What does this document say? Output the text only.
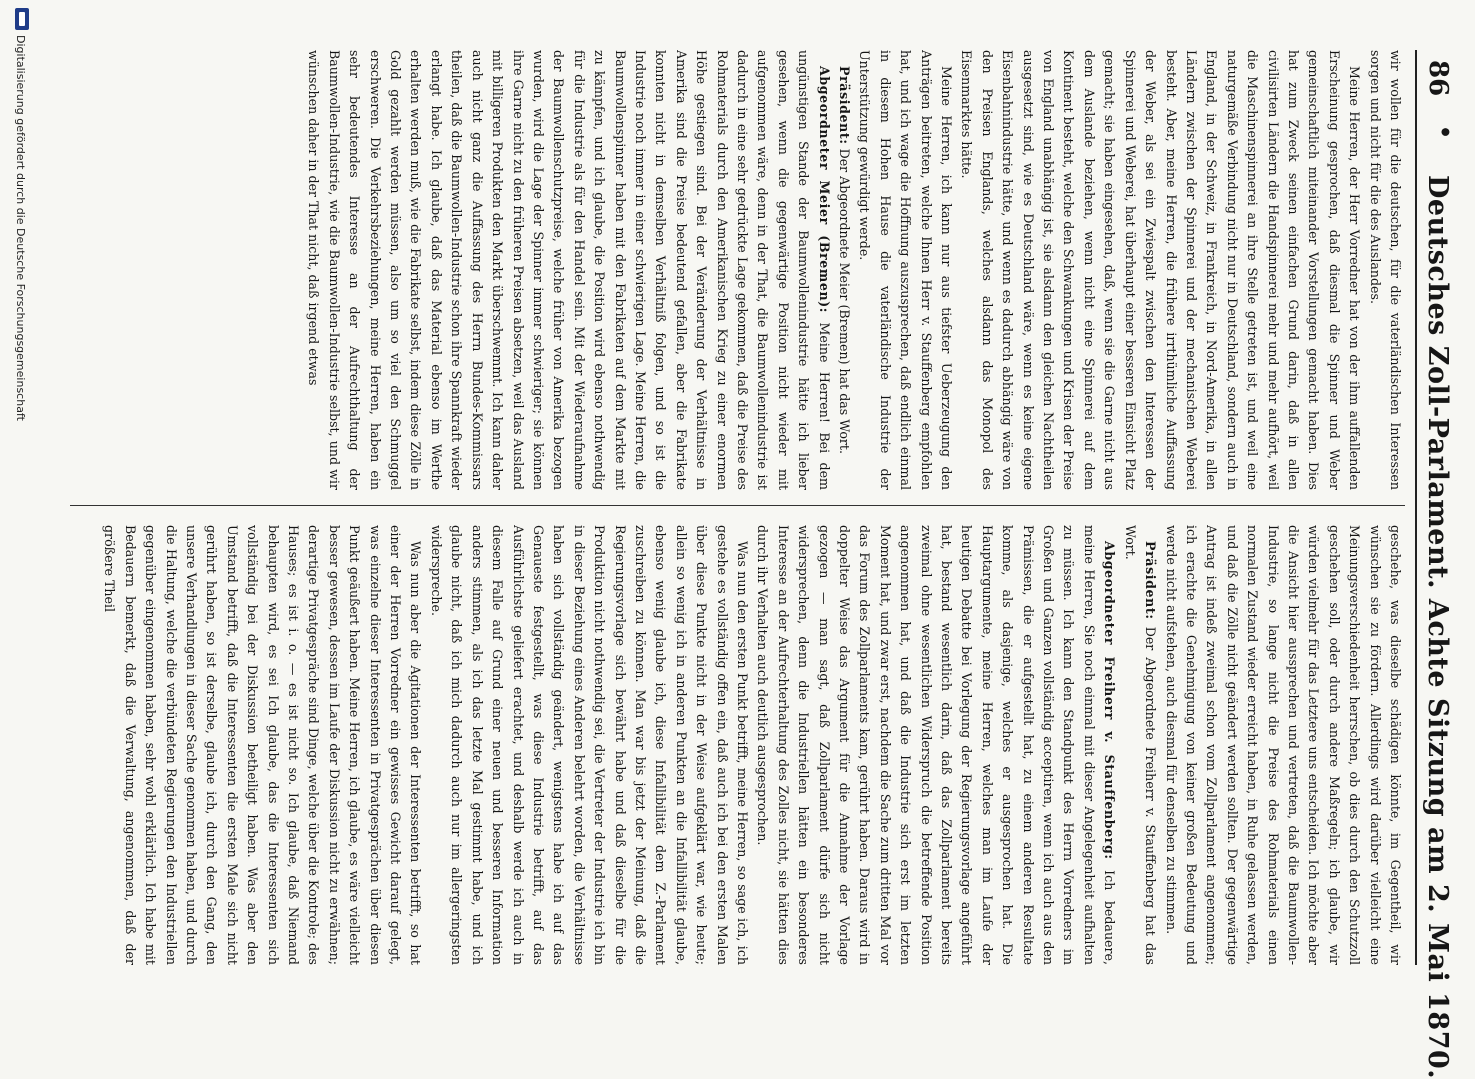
86
•
Deutsches Zoll-Parlament. Achte Sitzung am 2. Mai 1870.

wir wollen für die deutschen, für die vaterländischen Interessen sorgen und nicht für die des Auslandes.

Meine Herren, der Herr Vorredner hat von der ihm auffallenden Erscheinung gesprochen, daß diesmal die Spinner und Weber gemeinschaftlich miteinander Vorstellungen gemacht haben. Dies hat zum Zweck seinen einfachen Grund darin, daß in allen civilisirten Ländern die Handspinnerei mehr und mehr aufhört, weil die Maschinenspinnerei an ihre Stelle getreten ist, und weil eine naturgemäße Verbindung nicht nur in Deutschland, sondern auch in England, in der Schweiz, in Frankreich, in Nord-Amerika, in allen Ländern zwischen der Spinnerei und der mechanischen Weberei besteht. Aber, meine Herren, die frühere irrthümliche Auffassung der Weber, als sei ein Zwiespalt zwischen den Interessen der Spinnerei und Weberei, hat überhaupt einer besseren Einsicht Platz gemacht; sie haben eingesehen, daß, wenn sie die Garne nicht aus dem Auslande beziehen, wenn nicht eine Spinnerei auf dem Kontinent besteht, welche den Schwankungen und Krisen der Preise von England unabhängig ist, sie alsdann den gleichen Nachtheilen ausgesetzt sind, wie es Deutschland wäre, wenn es keine eigene Eisenbahnindustrie hätte, und wenn es dadurch abhängig wäre von den Preisen Englands, welches alsdann das Monopol des Eisenmarktes hätte.

Meine Herren, ich kann nur aus tiefster Ueberzeugung den Anträgen beitreten, welche Ihnen Herr v. Stauffenberg empfohlen hat, und ich wage die Hoffnung auszusprechen, daß endlich einmal in diesem Hohen Hause die vaterländische Industrie der Unterstützung gewürdigt werde.

Präsident: Der Abgeordnete Meier (Bremen) hat das Wort.

Abgeordneter Meier (Bremen): Meine Herren! Bei dem ungünstigen Stande der Baumwollenindustrie hätte ich lieber gesehen, wenn die gegenwärtige Position nicht wieder mit aufgenommen wäre, denn in der That, die Baumwollenindustrie ist dadurch in eine sehr gedrückte Lage gekommen, daß die Preise des Rohmaterials durch den Amerikanischen Krieg zu einer enormen Höhe gestiegen sind. Bei der Veränderung der Verhältnisse in Amerika sind die Preise bedeutend gefallen, aber die Fabrikate konnten nicht in demselben Verhältniß folgen, und so ist die Industrie noch immer in einer schwierigen Lage. Meine Herren, die Baumwollenspinner haben mit den Fabrikaten auf dem Markte mit zu kämpfen, und ich glaube, die Position wird ebenso nothwendig für die Industrie als für den Handel sein. Mit der Wiederaufnahme der Baumwollenschutzpreise, welche früher von Amerika bezogen wurden, wird die Lage der Spinner immer schwieriger; sie können ihre Garne nicht zu den früheren Preisen absetzen, weil das Ausland mit billigeren Produkten den Markt überschwemmt. Ich kann daher auch nicht ganz die Auffassung des Herrn Bundes-Kommissars theilen, daß die Baumwollen-Industrie schon ihre Spannkraft wieder erlangt habe. Ich glaube, daß das Material ebenso im Werthe erhalten werden muß, wie die Fabrikate selbst, indem diese Zölle in Gold gezahlt werden müssen, also um so viel den Schmuggel erschweren. Die Verkehrsbeziehungen, meine Herren, haben ein sehr bedeutendes Interesse an der Aufrechthaltung der Baumwollen-Industrie, wie die Baumwollen-Industrie selbst, und wir wünschen daher in der That nicht, daß irgend etwas

geschehe, was dieselbe schädigen könnte, im Gegentheil, wir wünschen sie zu fördern. Allerdings wird darüber vielleicht eine Meinungsverschiedenheit herrschen, ob dies durch den Schutzzoll geschehen soll, oder durch andere Maßregeln; ich glaube, wir würden vielmehr für das Letztere uns entscheiden. Ich möchte aber die Ansicht hier aussprechen und vertreten, daß die Baumwollen-Industrie, so lange nicht die Preise des Rohmaterials einen normalen Zustand wieder erreicht haben, in Ruhe gelassen werden, und daß die Zölle nicht geändert werden sollten. Der gegenwärtige Antrag ist indeß zweimal schon vom Zollparlament angenommen; ich erachte die Genehmigung von keiner großen Bedeutung und werde nicht aufstehen, auch diesmal für denselben zu stimmen.

Präsident: Der Abgeordnete Freiherr v. Stauffenberg hat das Wort.

Abgeordneter Freiherr v. Stauffenberg: Ich bedauere, meine Herren, Sie noch einmal mit dieser Angelegenheit aufhalten zu müssen. Ich kann den Standpunkt des Herrn Vorredners im Großen und Ganzen vollständig acceptiren, wenn ich auch aus den Prämissen, die er aufgestellt hat, zu einem anderen Resultate komme, als dasjenige, welches er ausgesprochen hat. Die Hauptargumente, meine Herren, welches man im Laufe der heutigen Debatte bei Vorlegung der Regierungsvorlage angeführt hat, bestand wesentlich darin, daß das Zollparlament bereits zweimal ohne wesentlichen Widerspruch die betreffende Position angenommen hat, und daß die Industrie sich erst im letzten Moment hat, und zwar erst, nachdem die Sache zum dritten Mal vor das Forum des Zollparlaments kam, gerührt haben. Daraus wird in doppelter Weise das Argument für die Annahme der Vorlage gezogen — man sagt, daß Zollparlament dürfe sich nicht widersprechen, denn die Industriellen hätten ein besonderes Interesse an der Aufrechterhaltung des Zolles nicht, sie hätten dies durch ihr Verhalten auch deutlich ausgesprochen.

Was nun den ersten Punkt betrifft, meine Herren, so sage ich, ich gestehe es vollständig offen ein, daß auch ich bei den ersten Malen über diese Punkte nicht in der Weise aufgeklärt war, wie heute; allein so wenig ich in anderen Punkten an die Infallibilität glaube, ebenso wenig glaube ich, diese Infallibilität dem Z.-Parlament zuschreiben zu können. Man war bis jetzt der Meinung, daß die Regierungsvorlage sich bewährt habe und daß dieselbe für die Produktion nicht nothwendig sei, die Vertreter der Industrie ich bin in dieser Beziehung eines Anderen belehrt worden, die Verhältnisse haben sich vollständig geändert, wenigstens habe ich auf das Genaueste festgestellt, was diese Industrie betrifft, auf das Ausführlichste geliefert erachtet, und deshalb werde ich auch in diesem Falle auf Grund einer neuen und besseren Information anders stimmen, als ich das letzte Mal gestimmt habe, und ich glaube nicht, daß ich mich dadurch auch nur im allergeringsten widerspreche.

Was nun aber die Agitationen der Interessenten betrifft, so hat einer der Herren Vorredner ein gewisses Gewicht darauf gelegt, was einzelne dieser Interessenten in Privatgesprächen über diesen Punkt geäußert haben. Meine Herren, ich glaube, es wäre vielleicht besser gewesen, dessen im Laufe der Diskussion nicht zu erwähnen; derartige Privatgespräche sind Dinge, welche über die Kontrole; des Hauses; es ist i. o. — es ist nicht so. Ich glaube, daß Niemand behaupten wird, es sei Ich glaube, das die Interessenten sich vollständig bei der Diskussion betheiligt haben. Was aber den Umstand betrifft, daß die Interessenten die ersten Male sich nicht gerührt haben, so ist derselbe, glaube ich, durch den Gang, den unsere Verhandlungen in dieser Sache genommen haben, und durch die Haltung, welche die verbündeten Regierungen den Industriellen gegenüber eingenommen haben, sehr wohl erklärlich. Ich habe mit Bedauern bemerkt, daß die Verwaltung, angenommen, daß der größere Theil

Digitalisierung gefördert durch die Deutsche Forschungsgemeinschaft
